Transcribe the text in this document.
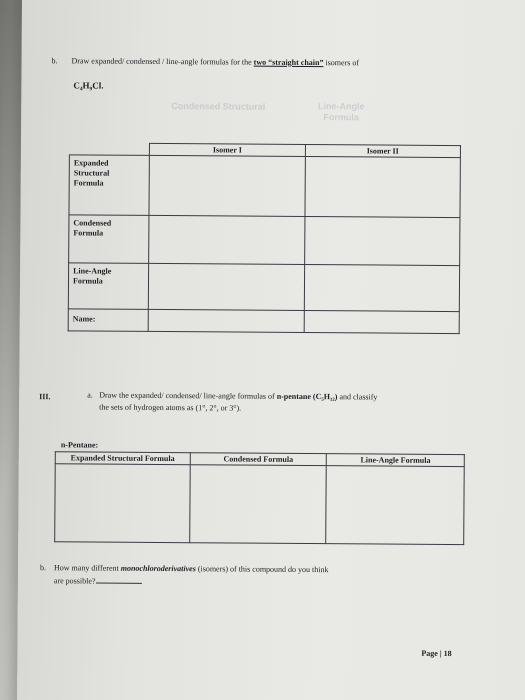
b. Draw expanded/ condensed / line-angle formulas for the two “straight chain” isomers of
C₄H₉Cl.
Condensed Structural	Line-Angle Formula
	Isomer I	Isomer II

Expanded
Structural
Formula		

Condensed
Formula		

Line-Angle
Formula		

Name:		

III.	a. Draw the expanded/ condensed/ line-angle formulas of n-pentane (C₅H₁₂) and classify
the sets of hydrogen atoms as (1°, 2°, or 3°).
n-Pentane:
Expanded Structural Formula	Condensed Formula	Line-Angle Formula

b. How many different monochloroderivatives (isomers) of this compound do you think
are possible?
Page | 18
